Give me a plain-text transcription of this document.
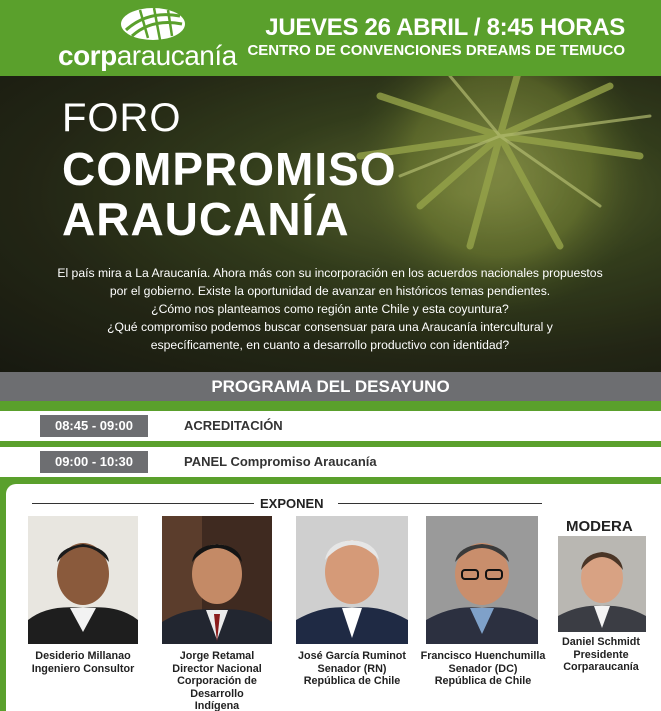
corparaucanía
JUEVES 26 ABRIL / 8:45 HORAS
CENTRO DE CONVENCIONES DREAMS DE TEMUCO
FORO
COMPROMISO
ARAUCANÍA

El país mira a La Araucanía. Ahora más con su incorporación en los acuerdos nacionales propuestos

por el gobierno. Existe la oportunidad de avanzar en históricos temas pendientes.

¿Cómo nos planteamos como región ante Chile y esta coyuntura?

¿Qué compromiso podemos buscar consensuar para una Araucanía intercultural y

específicamente, en cuanto a desarrollo productivo con identidad?

PROGRAMA DEL DESAYUNO
08:45 - 09:00	ACREDITACIÓN
09:00 - 10:30	PANEL Compromiso Araucanía
EXPONEN
MODERA
Desiderio Millanao
Ingeniero Consultor
Jorge Retamal
Director Nacional
Corporación de Desarrollo
Indígena
José García Ruminot
Senador (RN)
República de Chile
Francisco Huenchumilla
Senador (DC)
República de Chile
Daniel Schmidt
Presidente
Corparaucanía
